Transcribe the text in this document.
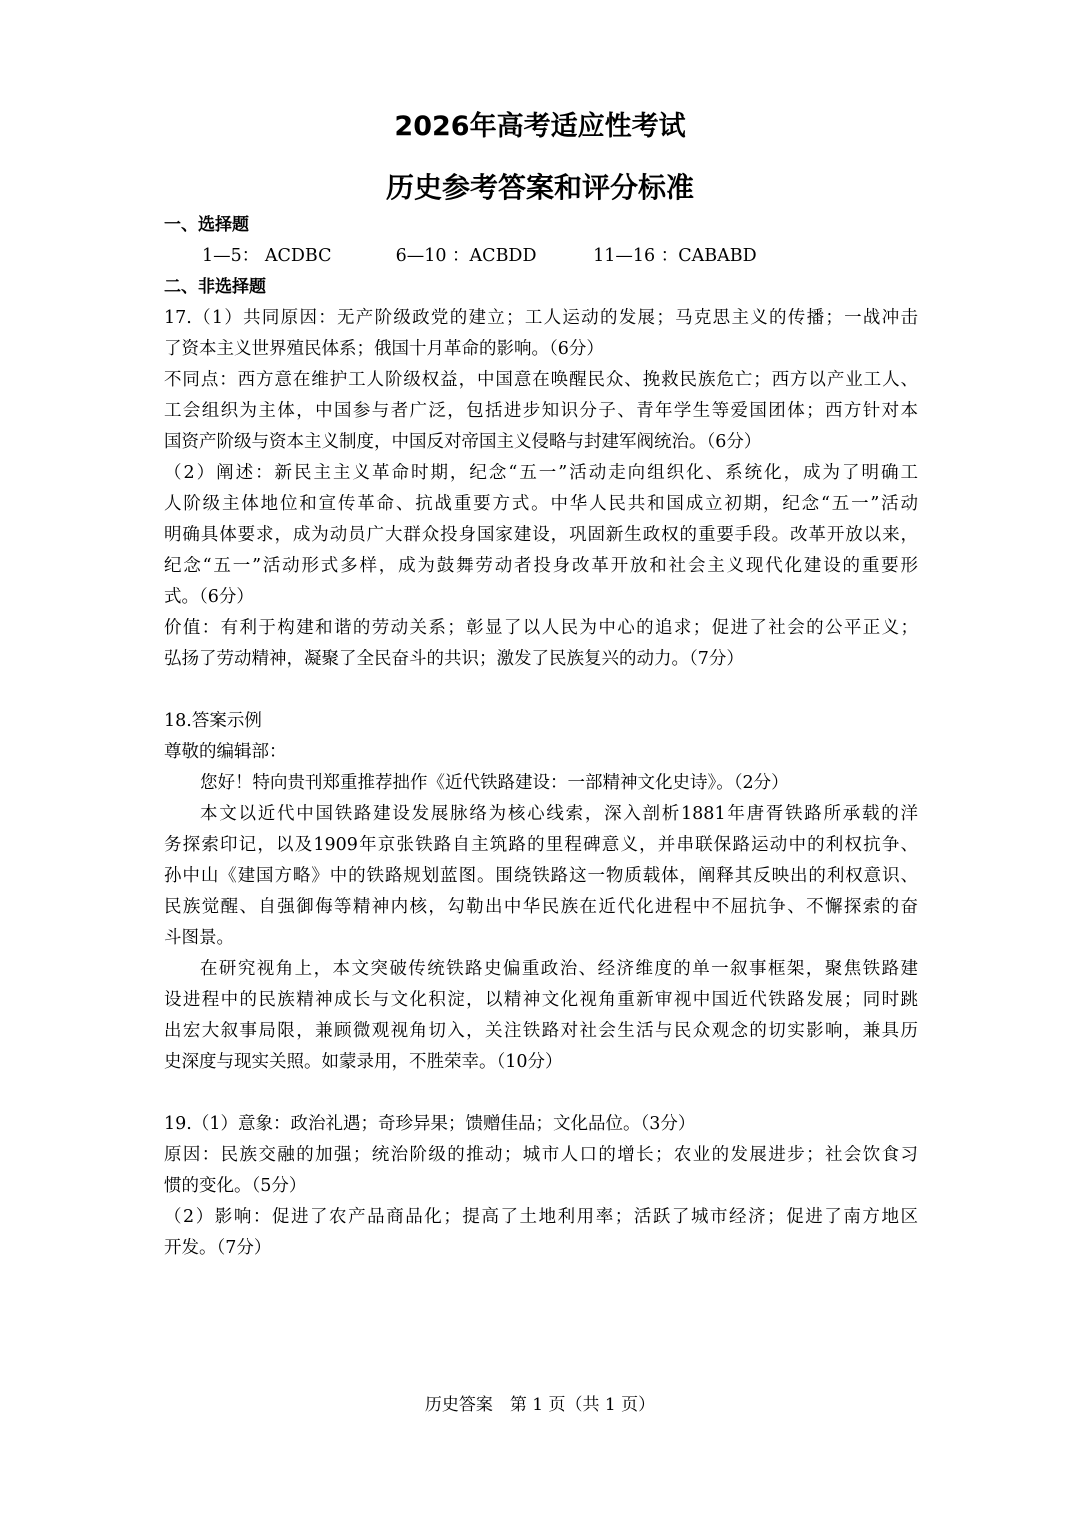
2026年高考适应性考试
历史参考答案和评分标准
一、选择题
1—5： ACDBC	6—10 ：ACBDD	11—16 ：CABABD
二、非选择题
17.（1）共同原因：无产阶级政党的建立；工人运动的发展；马克思主义的传播；一战冲击
了资本主义世界殖民体系；俄国十月革命的影响。（6分）
不同点：西方意在维护工人阶级权益，中国意在唤醒民众、挽救民族危亡；西方以产业工人、
工会组织为主体，中国参与者广泛，包括进步知识分子、青年学生等爱国团体；西方针对本
国资产阶级与资本主义制度，中国反对帝国主义侵略与封建军阀统治。（6分）
（2）阐述：新民主主义革命时期，纪念“五一”活动走向组织化、系统化，成为了明确工
人阶级主体地位和宣传革命、抗战重要方式。中华人民共和国成立初期，纪念“五一”活动
明确具体要求，成为动员广大群众投身国家建设，巩固新生政权的重要手段。改革开放以来，
纪念“五一”活动形式多样，成为鼓舞劳动者投身改革开放和社会主义现代化建设的重要形
式。（6分）
价值：有利于构建和谐的劳动关系；彰显了以人民为中心的追求；促进了社会的公平正义；
弘扬了劳动精神，凝聚了全民奋斗的共识；激发了民族复兴的动力。（7分）
18.答案示例
尊敬的编辑部：
您好！特向贵刊郑重推荐拙作《近代铁路建设：一部精神文化史诗》。（2分）
本文以近代中国铁路建设发展脉络为核心线索，深入剖析1881年唐胥铁路所承载的洋
务探索印记，以及1909年京张铁路自主筑路的里程碑意义，并串联保路运动中的利权抗争、
孙中山《建国方略》中的铁路规划蓝图。围绕铁路这一物质载体，阐释其反映出的利权意识、
民族觉醒、自强御侮等精神内核，勾勒出中华民族在近代化进程中不屈抗争、不懈探索的奋
斗图景。
在研究视角上，本文突破传统铁路史偏重政治、经济维度的单一叙事框架，聚焦铁路建
设进程中的民族精神成长与文化积淀，以精神文化视角重新审视中国近代铁路发展；同时跳
出宏大叙事局限，兼顾微观视角切入，关注铁路对社会生活与民众观念的切实影响，兼具历
史深度与现实关照。如蒙录用，不胜荣幸。（10分）
19.（1）意象：政治礼遇；奇珍异果；馈赠佳品；文化品位。（3分）
原因：民族交融的加强；统治阶级的推动；城市人口的增长；农业的发展进步；社会饮食习
惯的变化。（5分）
（2）影响：促进了农产品商品化；提高了土地利用率；活跃了城市经济；促进了南方地区
开发。（7分）
历史答案　第 1 页（共 1 页）
